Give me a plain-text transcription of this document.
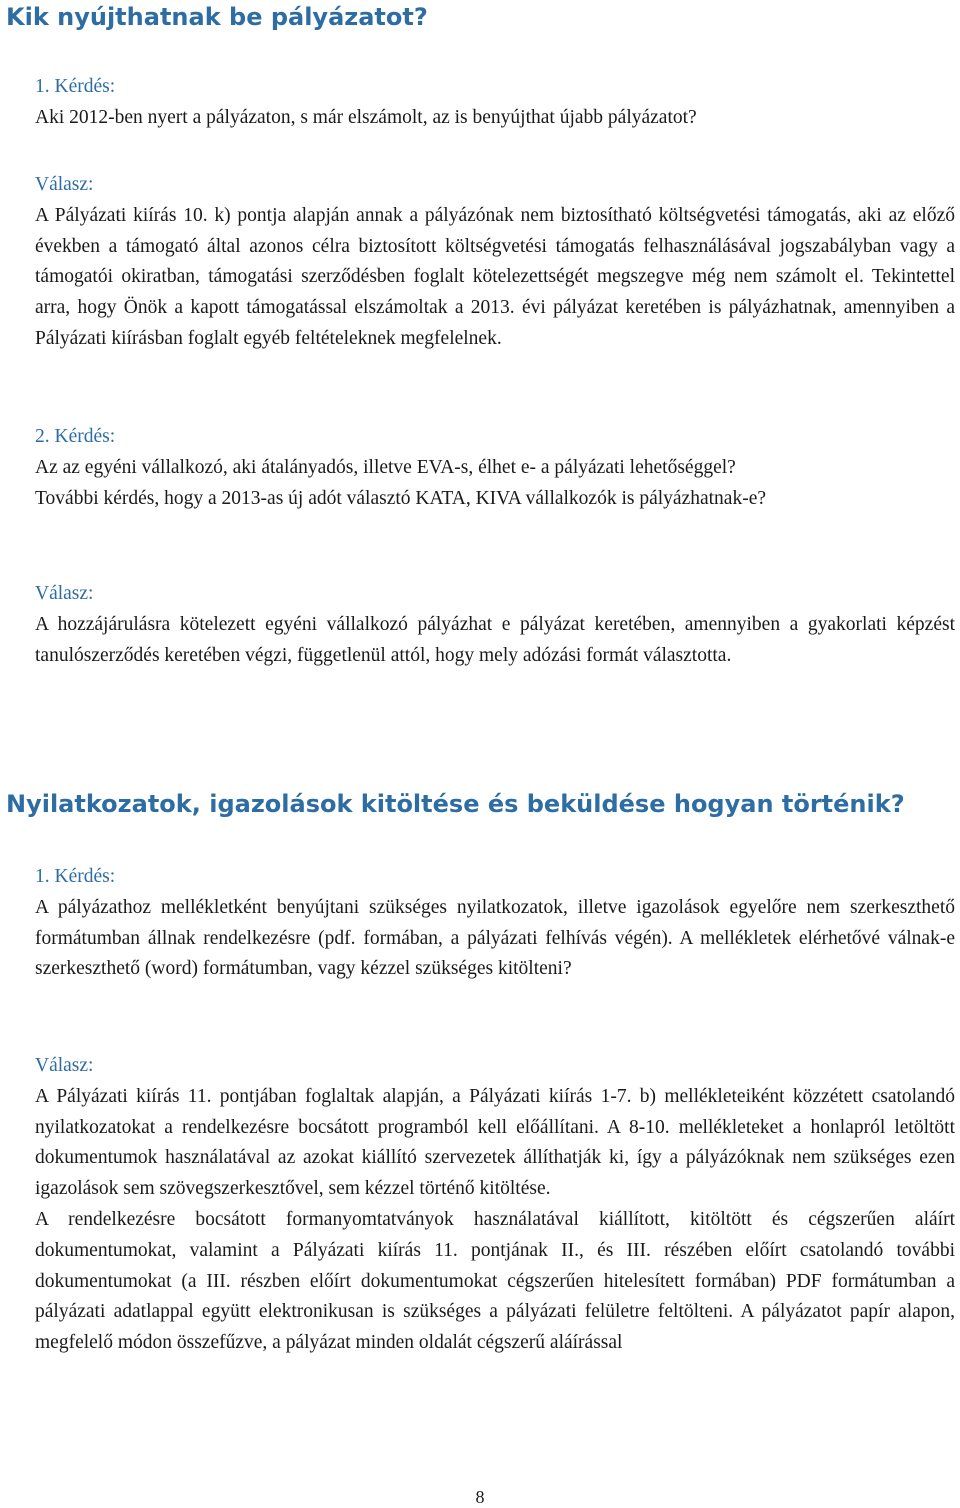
Kik nyújthatnak be pályázatot?

1. Kérdés:

Aki 2012-ben nyert a pályázaton, s már elszámolt, az is benyújthat újabb pályázatot?

Válasz:

A Pályázati kiírás 10. k) pontja alapján annak a pályázónak nem biztosítható költségvetési támogatás, aki az előző években a támogató által azonos célra biztosított költségvetési támogatás felhasználásával jogszabályban vagy a támogatói okiratban, támogatási szerződésben foglalt kötelezettségét megszegve még nem számolt el. Tekintettel arra, hogy Önök a kapott támogatással elszámoltak a 2013. évi pályázat keretében is pályázhatnak, amennyiben a Pályázati kiírásban foglalt egyéb feltételeknek megfelelnek.

2. Kérdés:

Az az egyéni vállalkozó, aki átalányadós, illetve EVA-s, élhet e- a pályázati lehetőséggel?

További kérdés, hogy a 2013-as új adót választó KATA, KIVA vállalkozók is pályázhatnak-e?

Válasz:

A hozzájárulásra kötelezett egyéni vállalkozó pályázhat e pályázat keretében, amennyiben a gyakorlati képzést tanulószerződés keretében végzi, függetlenül attól, hogy mely adózási formát választotta.

Nyilatkozatok, igazolások kitöltése és beküldése hogyan történik?

1. Kérdés:

A pályázathoz mellékletként benyújtani szükséges nyilatkozatok, illetve igazolások egyelőre nem szerkeszthető formátumban állnak rendelkezésre (pdf. formában, a pályázati felhívás végén). A mellékletek elérhetővé válnak-e szerkeszthető (word) formátumban, vagy kézzel szükséges kitölteni?

Válasz:

A Pályázati kiírás 11. pontjában foglaltak alapján, a Pályázati kiírás 1-7. b) mellékleteiként közzétett csatolandó nyilatkozatokat a rendelkezésre bocsátott programból kell előállítani. A 8-10. mellékleteket a honlapról letöltött dokumentumok használatával az azokat kiállító szervezetek állíthatják ki, így a pályázóknak nem szükséges ezen igazolások sem szövegszerkesztővel, sem kézzel történő kitöltése.

A rendelkezésre bocsátott formanyomtatványok használatával kiállított, kitöltött és cégszerűen aláírt dokumentumokat, valamint a Pályázati kiírás 11. pontjának II., és III. részében előírt csatolandó további dokumentumokat (a III. részben előírt dokumentumokat cégszerűen hitelesített formában) PDF formátumban a pályázati adatlappal együtt elektronikusan is szükséges a pályázati felületre feltölteni. A pályázatot papír alapon, megfelelő módon összefűzve, a pályázat minden oldalát cégszerű aláírással

8
